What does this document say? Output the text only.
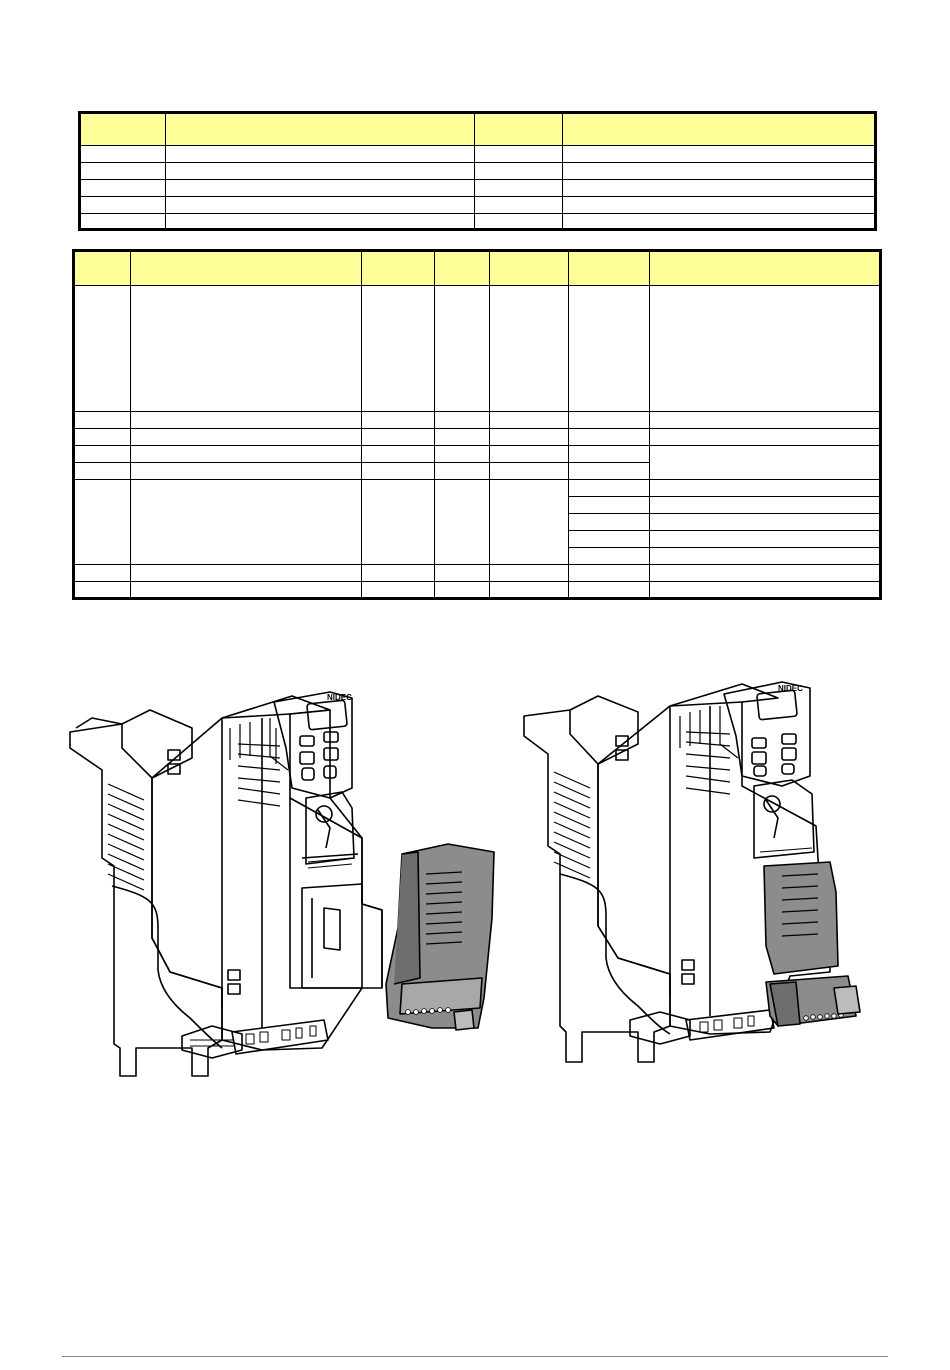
NIDEC
NIDEC
